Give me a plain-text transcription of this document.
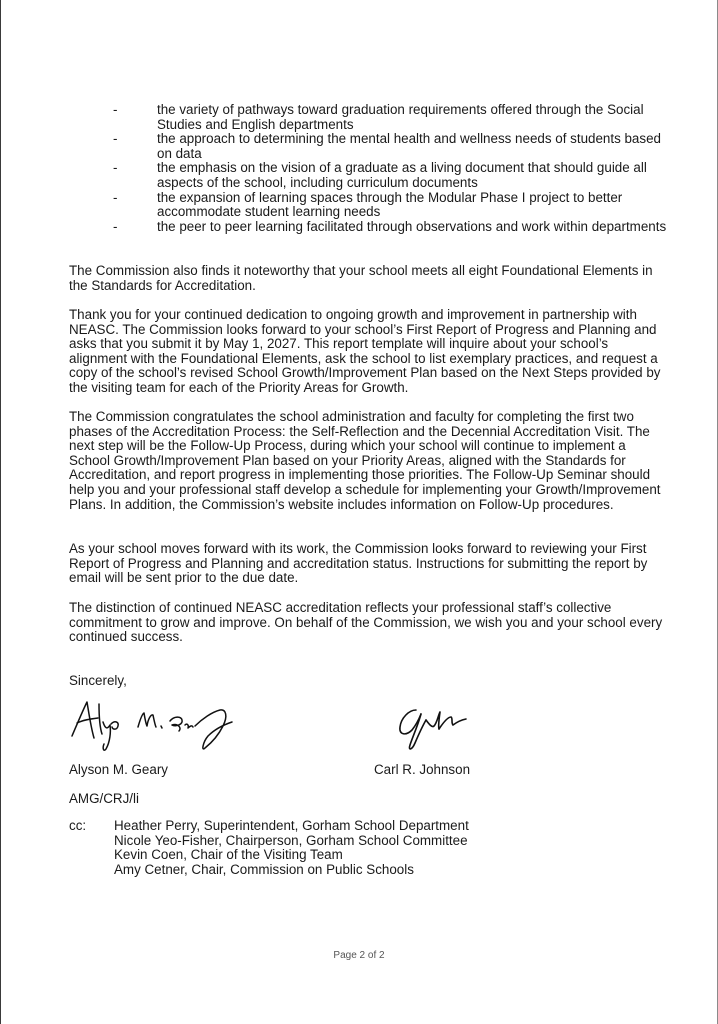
-	the variety of pathways toward graduation requirements offered through the Social Studies and English departments
-	the approach to determining the mental health and wellness needs of students based on data
-	the emphasis on the vision of a graduate as a living document that should guide all aspects of the school, including curriculum documents
-	the expansion of learning spaces through the Modular Phase I project to better accommodate student learning needs
-	the peer to peer learning facilitated through observations and work within departments

The Commission also finds it noteworthy that your school meets all eight Foundational Elements in the Standards for Accreditation.

Thank you for your continued dedication to ongoing growth and improvement in partnership with NEASC. The Commission looks forward to your school’s First Report of Progress and Planning and asks that you submit it by May 1, 2027. This report template will inquire about your school’s alignment with the Foundational Elements, ask the school to list exemplary practices, and request a copy of the school’s revised School Growth/Improvement Plan based on the Next Steps provided by the visiting team for each of the Priority Areas for Growth.

The Commission congratulates the school administration and faculty for completing the first two phases of the Accreditation Process: the Self-Reflection and the Decennial Accreditation Visit. The next step will be the Follow-Up Process, during which your school will continue to implement a School Growth/Improvement Plan based on your Priority Areas, aligned with the Standards for Accreditation, and report progress in implementing those priorities. The Follow-Up Seminar should help you and your professional staff develop a schedule for implementing your Growth/Improvement Plans. In addition, the Commission’s website includes information on Follow-Up procedures.

As your school moves forward with its work, the Commission looks forward to reviewing your First Report of Progress and Planning and accreditation status. Instructions for submitting the report by email will be sent prior to the due date.

The distinction of continued NEASC accreditation reflects your professional staff’s collective commitment to grow and improve. On behalf of the Commission, we wish you and your school every continued success.

Sincerely,

Alyson M. Geary	Carl R. Johnson
AMG/CRJ/li
cc: Heather Perry, Superintendent, Gorham School Department
Nicole Yeo-Fisher, Chairperson, Gorham School Committee
Kevin Coen, Chair of the Visiting Team
Amy Cetner, Chair, Commission on Public Schools
Page 2 of 2
